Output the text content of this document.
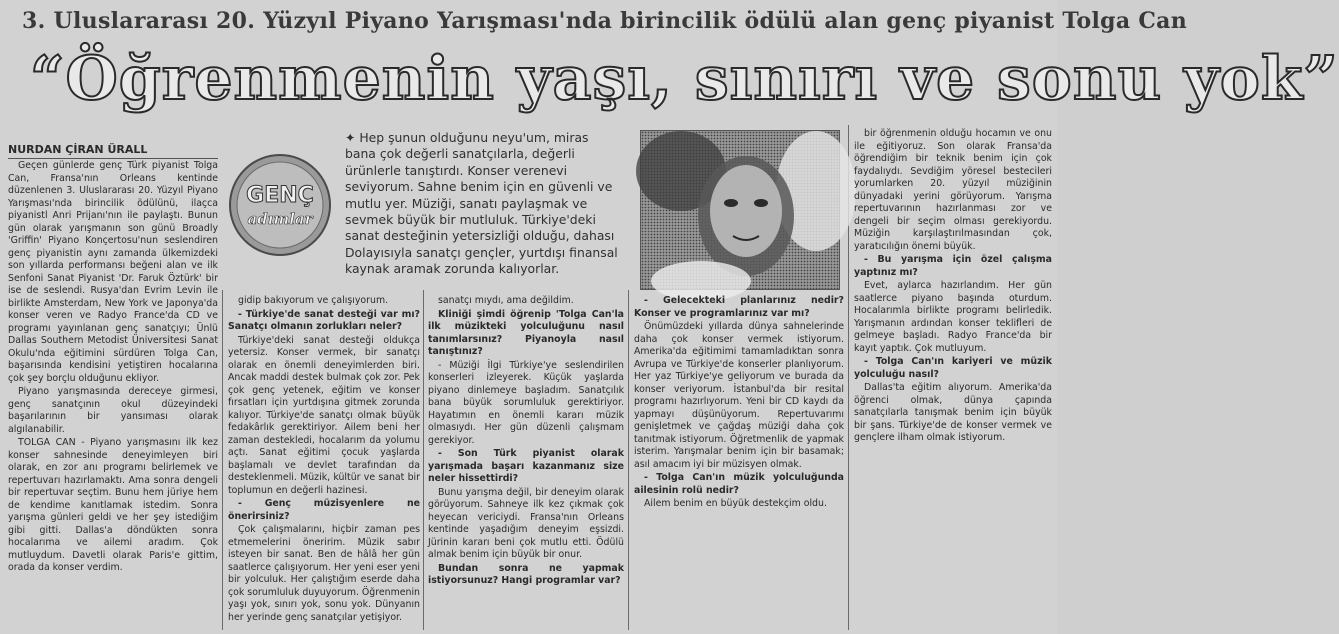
3. Uluslararası 20. Yüzyıl Piyano Yarışması'nda birincilik ödülü alan genç piyanist Tolga Can
“Öğrenmenin yaşı, sınırı ve sonu yok”
NURDAN ÇİRAN ÜRALL

Geçen günlerde genç Türk piyanist Tolga Can, Fransa'nın Orleans kentinde düzenlenen 3. Uluslararası 20. Yüzyıl Piyano Yarışması'nda birincilik ödülünü, ilaçca piyanistl Anri Prijanı'nın ile paylaştı. Bunun gün olarak yarışmanın son günü Broadly 'Griffin' Piyano Konçertosu'nun seslendiren genç piyanistin aynı zamanda ülkemizdeki son yıllarda performansı beğeni alan ve ilk Senfoni Sanat Piyanist 'Dr. Faruk Öztürk' bir ise de seslendi. Rusya'dan Evrim Levin ile birlikte Amsterdam, New York ve Japonya'da konser veren ve Radyo France'da CD ve programı yayınlanan genç sanatçıyı; Ünlü Dallas Southern Metodist Üniversitesi Sanat Okulu'nda eğitimini sürdüren Tolga Can, başarısında kendisini yetiştiren hocalarına çok şey borçlu olduğunu ekliyor.

Piyano yarışmasında dereceye girmesi, genç sanatçının okul düzeyindeki başarılarının bir yansıması olarak algılanabilir.

TOLGA CAN - Piyano yarışmasını ilk kez konser sahnesinde deneyimleyen biri olarak, en zor anı programı belirlemek ve repertuvarı hazırlamaktı. Ama sonra dengeli bir repertuvar seçtim. Bunu hem jüriye hem de kendime kanıtlamak istedim. Sonra yarışma günleri geldi ve her şey istediğim gibi gitti. Dallas'a döndükten sonra hocalarıma ve ailemi aradım. Çok mutluydum. Davetli olarak Paris'e gittim, orada da konser verdim.

GENÇ
adımlar
✦ Hep şunun olduğunu neyu'um, miras bana çok değerli sanatçılarla, değerli ürünlerle tanıştırdı. Konser verenevi seviyorum. Sahne benim için en güvenli ve mutlu yer. Müziği, sanatı paylaşmak ve sevmek büyük bir mutluluk. Türkiye'deki sanat desteğinin yetersizliği olduğu, dahası Dolayısıyla sanatçı gençler, yurtdışı finansal kaynak aramak zorunda kalıyorlar.

gidip bakıyorum ve çalışıyorum.

- Türkiye'de sanat desteği var mı? Sanatçı olmanın zorlukları neler?

Türkiye'deki sanat desteği oldukça yetersiz. Konser vermek, bir sanatçı olarak en önemli deneyimlerden biri. Ancak maddi destek bulmak çok zor. Pek çok genç yetenek, eğitim ve konser fırsatları için yurtdışına gitmek zorunda kalıyor. Türkiye'de sanatçı olmak büyük fedakârlık gerektiriyor. Ailem beni her zaman destekledi, hocalarım da yolumu açtı. Sanat eğitimi çocuk yaşlarda başlamalı ve devlet tarafından da desteklenmeli. Müzik, kültür ve sanat bir toplumun en değerli hazinesi.

- Genç müzisyenlere ne önerirsiniz?

Çok çalışmalarını, hiçbir zaman pes etmemelerini öneririm. Müzik sabır isteyen bir sanat. Ben de hâlâ her gün saatlerce çalışıyorum. Her yeni eser yeni bir yolculuk. Her çalıştığım eserde daha çok sorumluluk duyuyorum. Öğrenmenin yaşı yok, sınırı yok, sonu yok. Dünyanın her yerinde genç sanatçılar yetişiyor.

sanatçı mıydı, ama değildim.

Kliniği şimdi öğrenip 'Tolga Can'la ilk müzikteki yolculuğunu nasıl tanımlarsınız? Piyanoyla nasıl tanıştınız?

- Müziği İlgi Türkiye'ye seslendirilen konserleri izleyerek. Küçük yaşlarda piyano dinlemeye başladım. Sanatçılık bana büyük sorumluluk gerektiriyor. Hayatımın en önemli kararı müzik olmasıydı. Her gün düzenli çalışmam gerekiyor.

- Son Türk piyanist olarak yarışmada başarı kazanmanız size neler hissettirdi?

Bunu yarışma değil, bir deneyim olarak görüyorum. Sahneye ilk kez çıkmak çok heyecan vericiydi. Fransa'nın Orleans kentinde yaşadığım deneyim eşsizdi. Jürinin kararı beni çok mutlu etti. Ödülü almak benim için büyük bir onur.

Bundan sonra ne yapmak istiyorsunuz? Hangi programlar var?

- Gelecekteki planlarınız nedir? Konser ve programlarınız var mı?

Önümüzdeki yıllarda dünya sahnelerinde daha çok konser vermek istiyorum. Amerika'da eğitimimi tamamladıktan sonra Avrupa ve Türkiye'de konserler planlıyorum. Her yaz Türkiye'ye geliyorum ve burada da konser veriyorum. İstanbul'da bir resital programı hazırlıyorum. Yeni bir CD kaydı da yapmayı düşünüyorum. Repertuvarımı genişletmek ve çağdaş müziği daha çok tanıtmak istiyorum. Öğretmenlik de yapmak isterim. Yarışmalar benim için bir basamak; asıl amacım iyi bir müzisyen olmak.

- Tolga Can'ın müzik yolculuğunda ailesinin rolü nedir?

Ailem benim en büyük destekçim oldu.

bir öğrenmenin olduğu hocamın ve onu ile eğitiyoruz. Son olarak Fransa'da öğrendiğim bir teknik benim için çok faydalıydı. Sevdiğim yöresel bestecileri yorumlarken 20. yüzyıl müziğinin dünyadaki yerini görüyorum. Yarışma repertuvarının hazırlanması zor ve dengeli bir seçim olması gerekiyordu. Müziğin karşılaştırılmasından çok, yaratıcılığın önemi büyük.

- Bu yarışma için özel çalışma yaptınız mı?

Evet, aylarca hazırlandım. Her gün saatlerce piyano başında oturdum. Hocalarımla birlikte programı belirledik. Yarışmanın ardından konser teklifleri de gelmeye başladı. Radyo France'da bir kayıt yaptık. Çok mutluyum.

- Tolga Can'ın kariyeri ve müzik yolculuğu nasıl?

Dallas'ta eğitim alıyorum. Amerika'da öğrenci olmak, dünya çapında sanatçılarla tanışmak benim için büyük bir şans. Türkiye'de de konser vermek ve gençlere ilham olmak istiyorum.
